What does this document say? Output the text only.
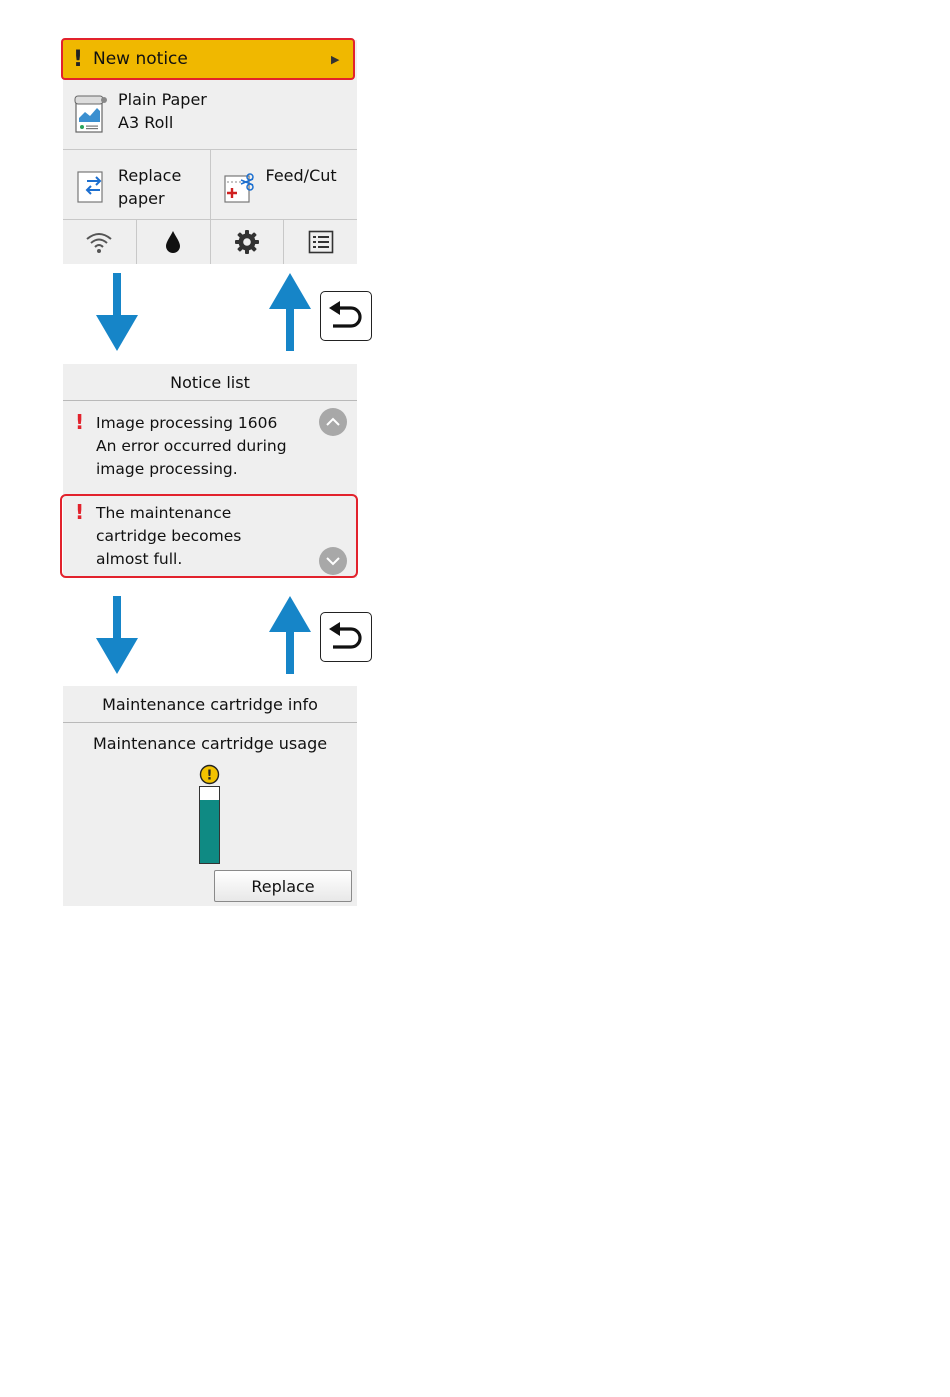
! New notice	▶
Plain Paper
A3 Roll
Replace
paper
Feed/Cut
Notice list
! Image processing 1606
An error occurred during
image processing.
! The maintenance
cartridge becomes
almost full.
Maintenance cartridge info
Maintenance cartridge usage
!
Replace
